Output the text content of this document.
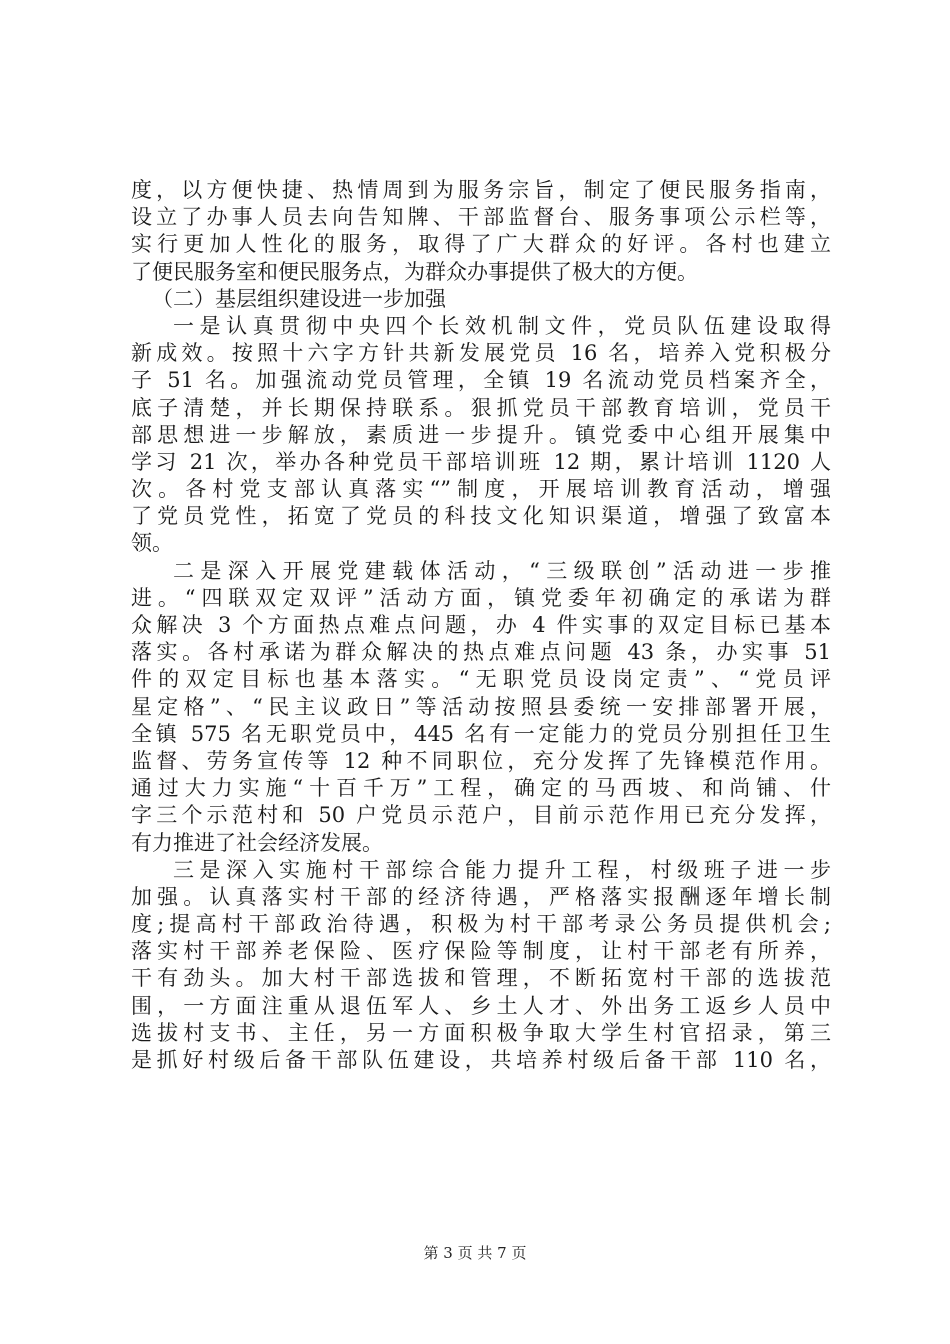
度，以方便快捷、热情周到为服务宗旨，制定了便民服务指南，
设立了办事人员去向告知牌、干部监督台、服务事项公示栏等，
实行更加人性化的服务，取得了广大群众的好评。各村也建立
了便民服务室和便民服务点，为群众办事提供了极大的方便。
（二）基层组织建设进一步加强
一是认真贯彻中央四个长效机制文件，党员队伍建设取得
新成效。按照十六字方针共新发展党员 16 名，培养入党积极分
子 51 名。加强流动党员管理，全镇 19 名流动党员档案齐全，
底子清楚，并长期保持联系。狠抓党员干部教育培训，党员干
部思想进一步解放，素质进一步提升。镇党委中心组开展集中
学习 21 次，举办各种党员干部培训班 12 期，累计培训 1120 人
次。各村党支部认真落实“”制度，开展培训教育活动，增强
了党员党性，拓宽了党员的科技文化知识渠道，增强了致富本
领。
二是深入开展党建载体活动，“三级联创”活动进一步推
进。“四联双定双评”活动方面，镇党委年初确定的承诺为群
众解决 3 个方面热点难点问题，办 4 件实事的双定目标已基本
落实。各村承诺为群众解决的热点难点问题 43 条，办实事 51
件的双定目标也基本落实。“无职党员设岗定责”、“党员评
星定格”、“民主议政日”等活动按照县委统一安排部署开展，
全镇 575 名无职党员中，445 名有一定能力的党员分别担任卫生
监督、劳务宣传等 12 种不同职位，充分发挥了先锋模范作用。
通过大力实施“十百千万”工程，确定的马西坡、和尚铺、什
字三个示范村和 50 户党员示范户，目前示范作用已充分发挥，
有力推进了社会经济发展。
三是深入实施村干部综合能力提升工程，村级班子进一步
加强。认真落实村干部的经济待遇，严格落实报酬逐年增长制
度;提高村干部政治待遇，积极为村干部考录公务员提供机会;
落实村干部养老保险、医疗保险等制度，让村干部老有所养，
干有劲头。加大村干部选拔和管理，不断拓宽村干部的选拔范
围，一方面注重从退伍军人、乡土人才、外出务工返乡人员中
选拔村支书、主任，另一方面积极争取大学生村官招录，第三
是抓好村级后备干部队伍建设，共培养村级后备干部 110 名，
第 3 页 共 7 页
